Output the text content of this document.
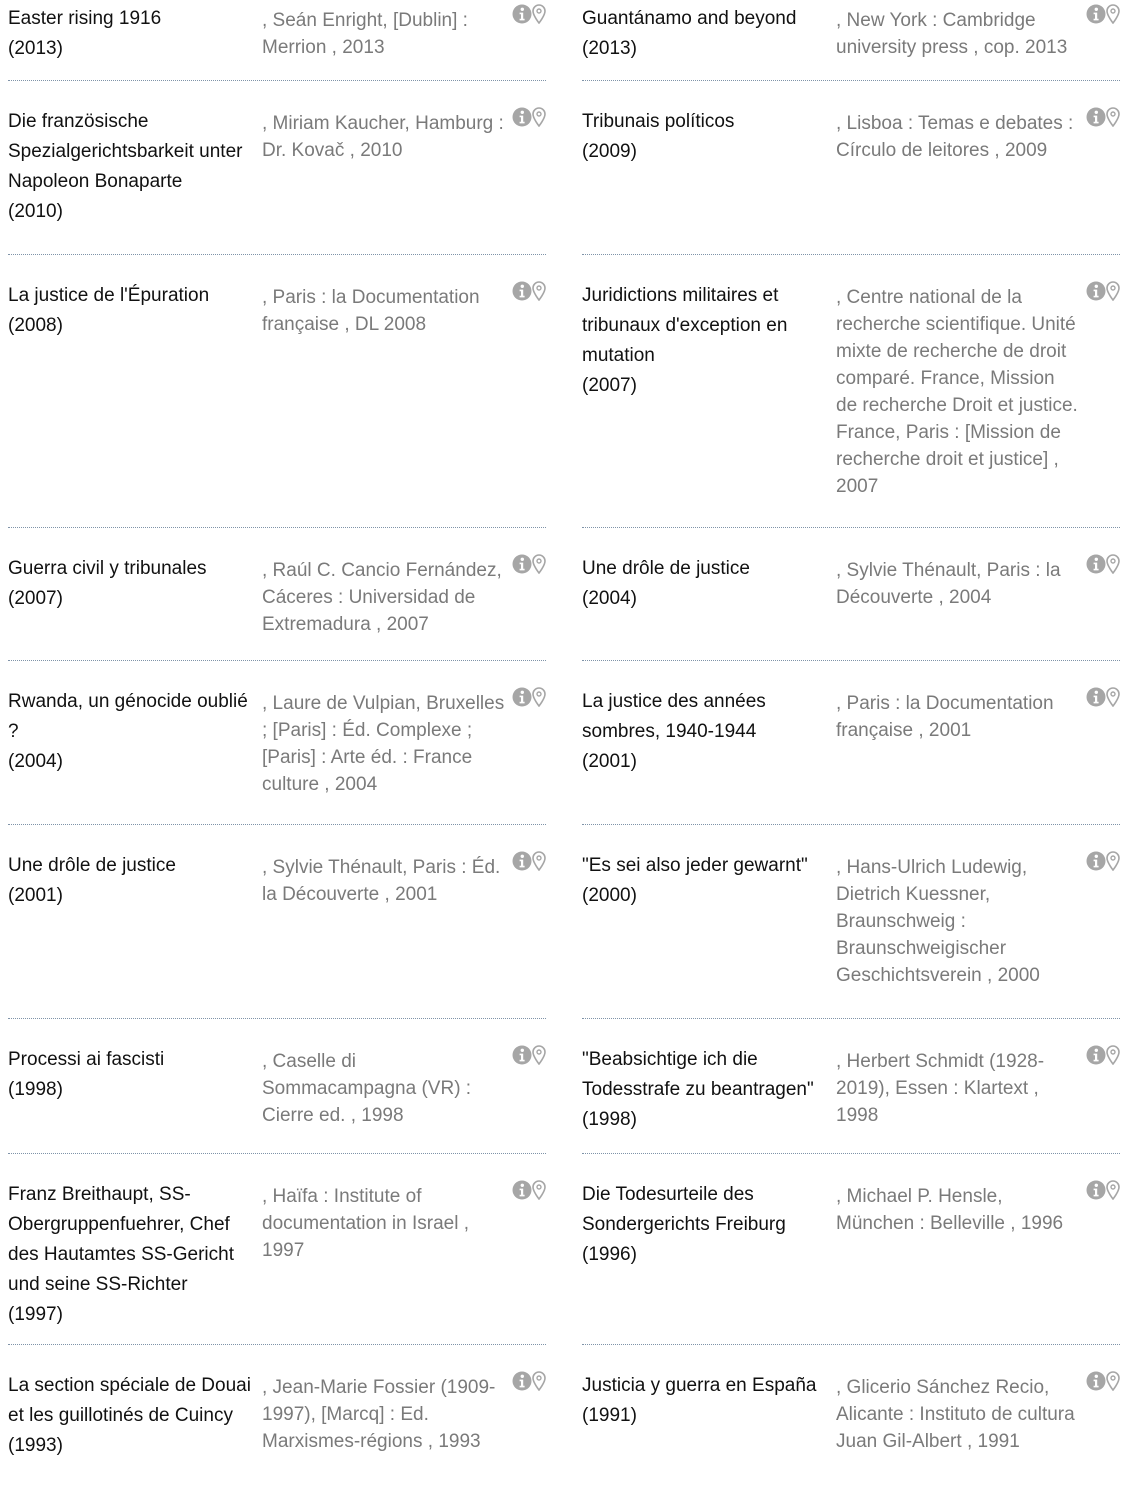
Easter rising 1916
(2013)
, Seán Enright, [Dublin] : Merrion , 2013
Guantánamo and beyond
(2013)
, New York : Cambridge university press , cop. 2013
Die französische Spezialgerichtsbarkeit unter Napoleon Bonaparte
(2010)
, Miriam Kaucher, Hamburg : Dr. Kovač , 2010
Tribunais políticos
(2009)
, Lisboa : Temas e debates : Círculo de leitores , 2009
La justice de l'Épuration
(2008)
, Paris : la Documentation française , DL 2008
Juridictions militaires et tribunaux d'exception en mutation
(2007)
, Centre national de la recherche scientifique. Unité mixte de recherche de droit comparé. France, Mission de recherche Droit et justice. France, Paris : [Mission de recherche droit et justice] , 2007
Guerra civil y tribunales
(2007)
, Raúl C. Cancio Fernández, Cáceres : Universidad de Extremadura , 2007
Une drôle de justice
(2004)
, Sylvie Thénault, Paris : la Découverte , 2004
Rwanda, un génocide oublié ?
(2004)
, Laure de Vulpian, Bruxelles ; [Paris] : Éd. Complexe ; [Paris] : Arte éd. : France culture , 2004
La justice des années sombres, 1940-1944
(2001)
, Paris : la Documentation française , 2001
Une drôle de justice
(2001)
, Sylvie Thénault, Paris : Éd. la Découverte , 2001
"Es sei also jeder gewarnt"
(2000)
, Hans-Ulrich Ludewig, Dietrich Kuessner, Braunschweig : Braunschweigischer Geschichtsverein , 2000
Processi ai fascisti
(1998)
, Caselle di Sommacampagna (VR) : Cierre ed. , 1998
"Beabsichtige ich die Todesstrafe zu beantragen"
(1998)
, Herbert Schmidt (1928-2019), Essen : Klartext , 1998
Franz Breithaupt, SS-Obergruppenfuehrer, Chef des Hautamtes SS-Gericht und seine SS-Richter
(1997)
, Haïfa : Institute of documentation in Israel , 1997
Die Todesurteile des Sondergerichts Freiburg
(1996)
, Michael P. Hensle, München : Belleville , 1996
La section spéciale de Douai et les guillotinés de Cuincy
(1993)
, Jean-Marie Fossier (1909-1997), [Marcq] : Ed. Marxismes-régions , 1993
Justicia y guerra en España
(1991)
, Glicerio Sánchez Recio, Alicante : Instituto de cultura Juan Gil-Albert , 1991
